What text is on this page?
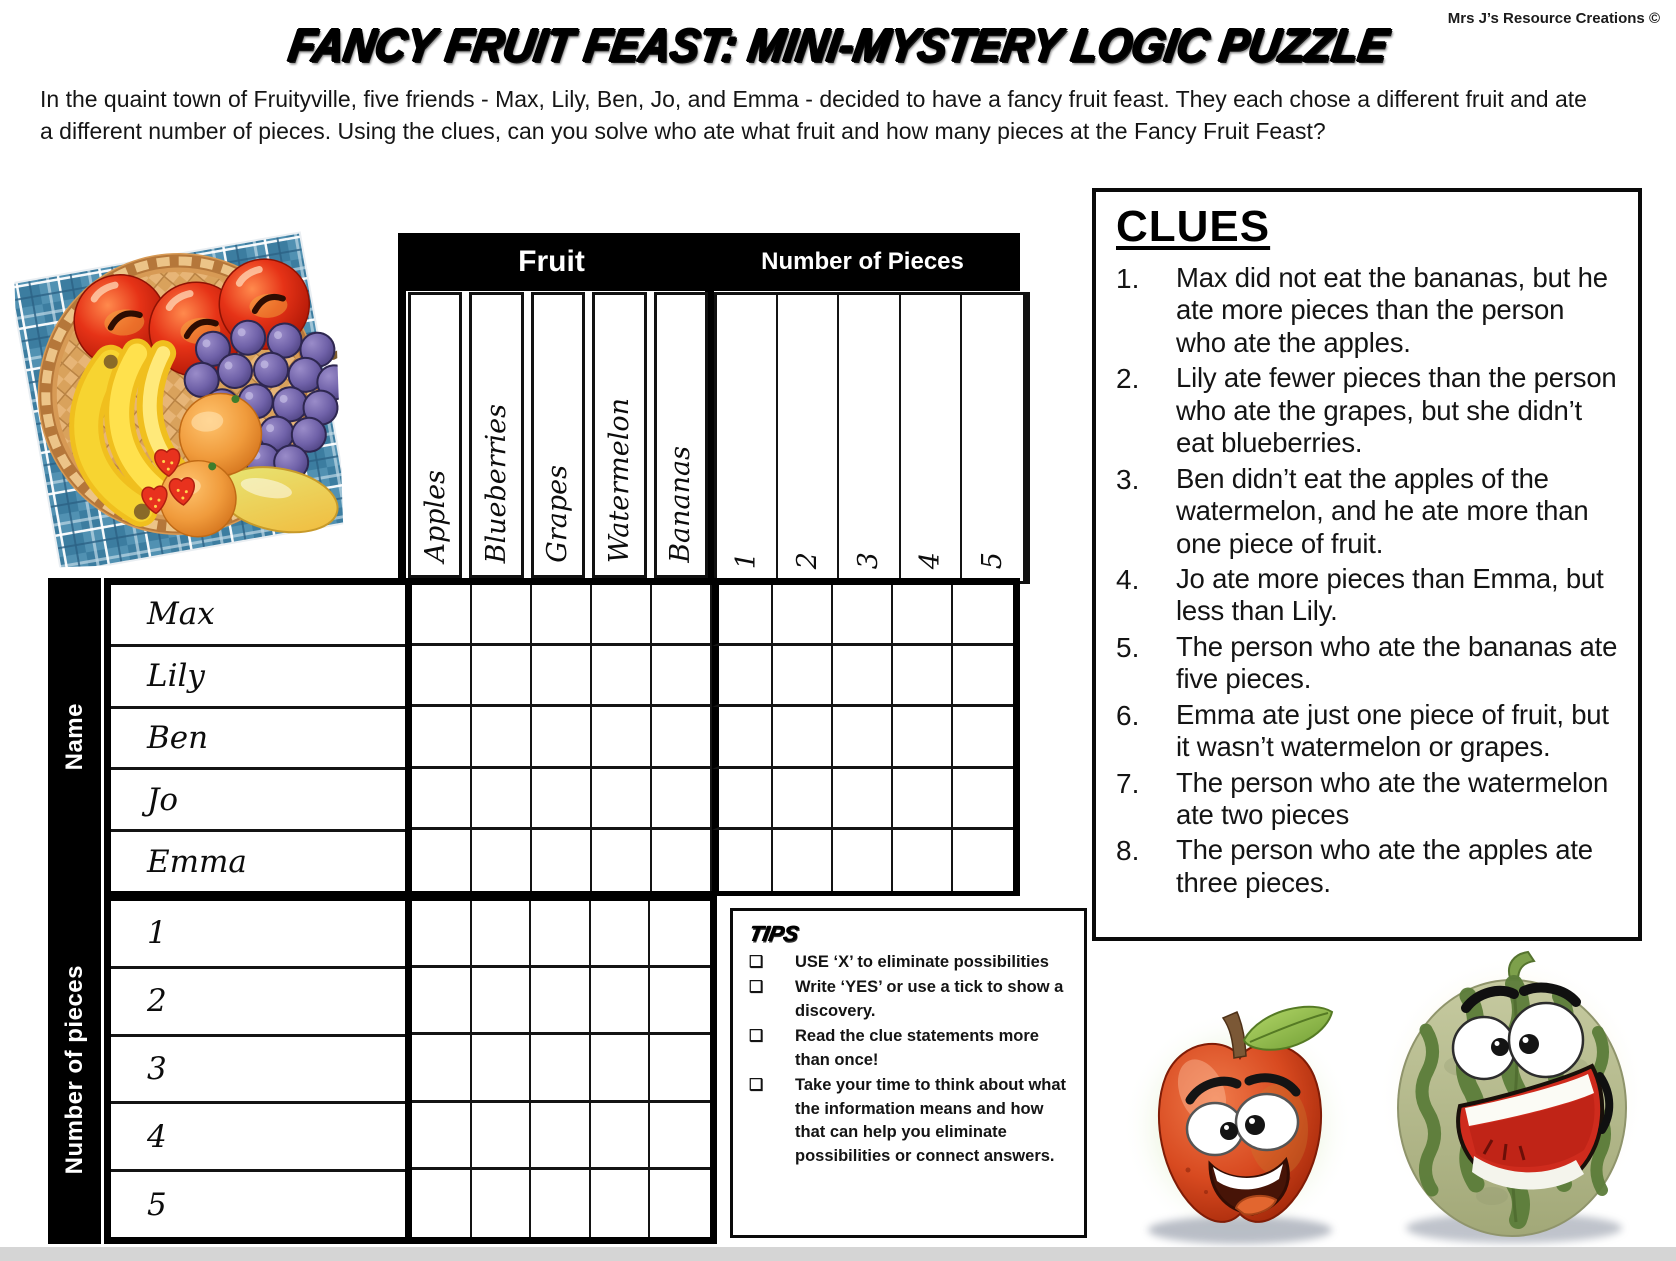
Mrs J’s Resource Creations ©
FANCY FRUIT FEAST: MINI-MYSTERY LOGIC PUZZLE
In the quaint town of Fruityville, five friends - Max, Lily, Ben, Jo, and Emma - decided to have a fancy fruit feast. They each chose a different fruit and ate a different number of pieces. Using the clues, can you solve who ate what fruit and how many pieces at the Fancy Fruit Feast?
Fruit	Number of Pieces
Apples Blueberries Grapes Watermelon Bananas 1 2 3 4 5
Name
Number of pieces
Max
Lily
Ben
Jo
Emma
1
2
3
4
5
CLUES
1.	Max did not eat the bananas, but he ate more pieces than the person who ate the apples.
2.	Lily ate fewer pieces than the person who ate the grapes, but she didn’t eat blueberries.
3.	Ben didn’t eat the apples of the watermelon, and he ate more than one piece of fruit.
4.	Jo ate more pieces than Emma, but less than Lily.
5.	The person who ate the bananas ate five pieces.
6.	Emma ate just one piece of fruit, but it wasn’t watermelon or grapes.
7.	The person who ate the watermelon ate two pieces
8.	The person who ate the apples ate three pieces.
TIPS
❑	USE ‘X’ to eliminate possibilities
❑	Write ‘YES’ or use a tick to show a discovery.
❑	Read the clue statements more than once!
❑	Take your time to think about what the information means and how that can help you eliminate possibilities or connect answers.
